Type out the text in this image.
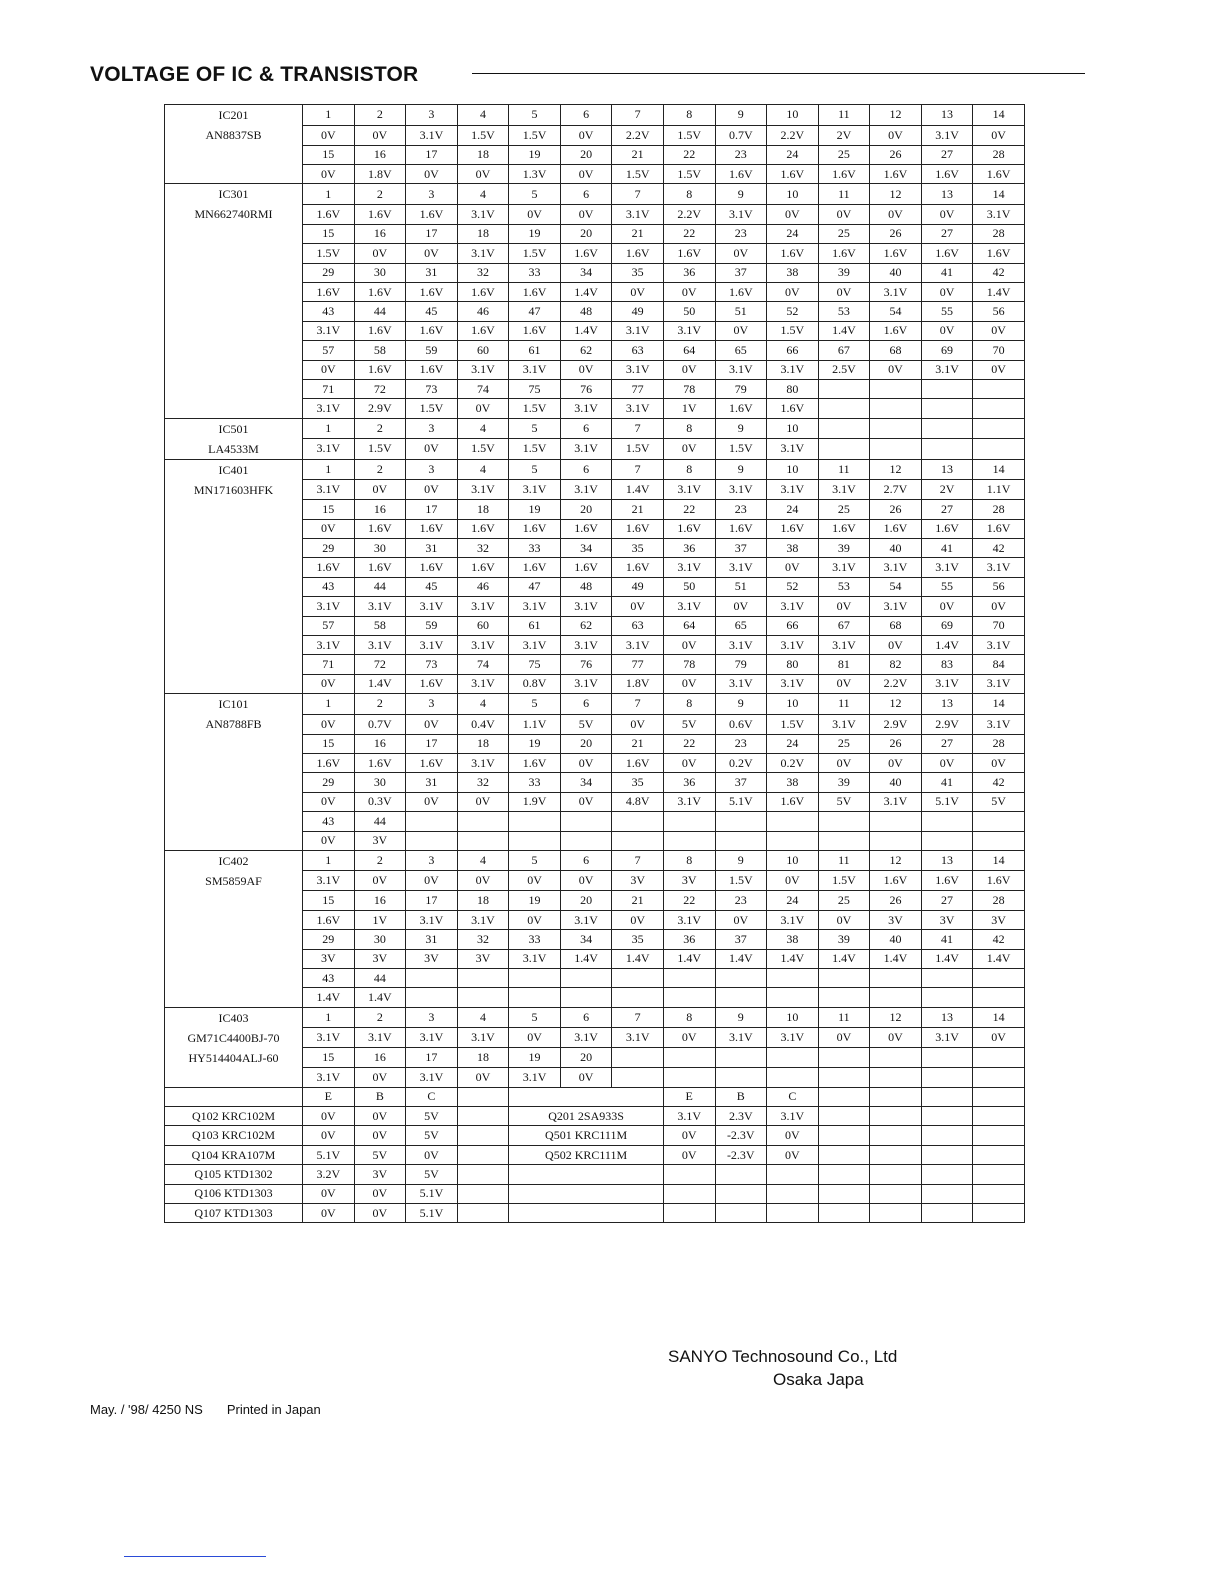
VOLTAGE OF IC & TRANSISTOR
IC201	1	2	3	4	5	6	7	8	9	10	11	12	13	14
AN8837SB	0V	0V	3.1V	1.5V	1.5V	0V	2.2V	1.5V	0.7V	2.2V	2V	0V	3.1V	0V
	15	16	17	18	19	20	21	22	23	24	25	26	27	28
	0V	1.8V	0V	0V	1.3V	0V	1.5V	1.5V	1.6V	1.6V	1.6V	1.6V	1.6V	1.6V
IC301	1	2	3	4	5	6	7	8	9	10	11	12	13	14
MN662740RMI	1.6V	1.6V	1.6V	3.1V	0V	0V	3.1V	2.2V	3.1V	0V	0V	0V	0V	3.1V
	15	16	17	18	19	20	21	22	23	24	25	26	27	28
	1.5V	0V	0V	3.1V	1.5V	1.6V	1.6V	1.6V	0V	1.6V	1.6V	1.6V	1.6V	1.6V
	29	30	31	32	33	34	35	36	37	38	39	40	41	42
	1.6V	1.6V	1.6V	1.6V	1.6V	1.4V	0V	0V	1.6V	0V	0V	3.1V	0V	1.4V
	43	44	45	46	47	48	49	50	51	52	53	54	55	56
	3.1V	1.6V	1.6V	1.6V	1.6V	1.4V	3.1V	3.1V	0V	1.5V	1.4V	1.6V	0V	0V
	57	58	59	60	61	62	63	64	65	66	67	68	69	70
	0V	1.6V	1.6V	3.1V	3.1V	0V	3.1V	0V	3.1V	3.1V	2.5V	0V	3.1V	0V
	71	72	73	74	75	76	77	78	79	80				
	3.1V	2.9V	1.5V	0V	1.5V	3.1V	3.1V	1V	1.6V	1.6V				
IC501	1	2	3	4	5	6	7	8	9	10				
LA4533M	3.1V	1.5V	0V	1.5V	1.5V	3.1V	1.5V	0V	1.5V	3.1V				
IC401	1	2	3	4	5	6	7	8	9	10	11	12	13	14
MN171603HFK	3.1V	0V	0V	3.1V	3.1V	3.1V	1.4V	3.1V	3.1V	3.1V	3.1V	2.7V	2V	1.1V
	15	16	17	18	19	20	21	22	23	24	25	26	27	28
	0V	1.6V	1.6V	1.6V	1.6V	1.6V	1.6V	1.6V	1.6V	1.6V	1.6V	1.6V	1.6V	1.6V
	29	30	31	32	33	34	35	36	37	38	39	40	41	42
	1.6V	1.6V	1.6V	1.6V	1.6V	1.6V	1.6V	3.1V	3.1V	0V	3.1V	3.1V	3.1V	3.1V
	43	44	45	46	47	48	49	50	51	52	53	54	55	56
	3.1V	3.1V	3.1V	3.1V	3.1V	3.1V	0V	3.1V	0V	3.1V	0V	3.1V	0V	0V
	57	58	59	60	61	62	63	64	65	66	67	68	69	70
	3.1V	3.1V	3.1V	3.1V	3.1V	3.1V	3.1V	0V	3.1V	3.1V	3.1V	0V	1.4V	3.1V
	71	72	73	74	75	76	77	78	79	80	81	82	83	84
	0V	1.4V	1.6V	3.1V	0.8V	3.1V	1.8V	0V	3.1V	3.1V	0V	2.2V	3.1V	3.1V
IC101	1	2	3	4	5	6	7	8	9	10	11	12	13	14
AN8788FB	0V	0.7V	0V	0.4V	1.1V	5V	0V	5V	0.6V	1.5V	3.1V	2.9V	2.9V	3.1V
	15	16	17	18	19	20	21	22	23	24	25	26	27	28
	1.6V	1.6V	1.6V	3.1V	1.6V	0V	1.6V	0V	0.2V	0.2V	0V	0V	0V	0V
	29	30	31	32	33	34	35	36	37	38	39	40	41	42
	0V	0.3V	0V	0V	1.9V	0V	4.8V	3.1V	5.1V	1.6V	5V	3.1V	5.1V	5V
	43	44												
	0V	3V												
IC402	1	2	3	4	5	6	7	8	9	10	11	12	13	14
SM5859AF	3.1V	0V	0V	0V	0V	0V	3V	3V	1.5V	0V	1.5V	1.6V	1.6V	1.6V
	15	16	17	18	19	20	21	22	23	24	25	26	27	28
	1.6V	1V	3.1V	3.1V	0V	3.1V	0V	3.1V	0V	3.1V	0V	3V	3V	3V
	29	30	31	32	33	34	35	36	37	38	39	40	41	42
	3V	3V	3V	3V	3.1V	1.4V	1.4V	1.4V	1.4V	1.4V	1.4V	1.4V	1.4V	1.4V
	43	44												
	1.4V	1.4V												
IC403	1	2	3	4	5	6	7	8	9	10	11	12	13	14
GM71C4400BJ-70	3.1V	3.1V	3.1V	3.1V	0V	3.1V	3.1V	0V	3.1V	3.1V	0V	0V	3.1V	0V
HY514404ALJ-60	15	16	17	18	19	20								
	3.1V	0V	3.1V	0V	3.1V	0V								
	E	B	C					E	B	C				
Q102 KRC102M	0V	0V	5V		Q201 2SA933S			3.1V	2.3V	3.1V				
Q103 KRC102M	0V	0V	5V		Q501 KRC111M			0V	-2.3V	0V				
Q104 KRA107M	5.1V	5V	0V		Q502 KRC111M			0V	-2.3V	0V				
Q105 KTD1302	3.2V	3V	5V											
Q106 KTD1303	0V	0V	5.1V											
Q107 KTD1303	0V	0V	5.1V											
SANYO Technosound Co., Ltd
Osaka Japa
May. / '98/ 4250 NS Printed in Japan
